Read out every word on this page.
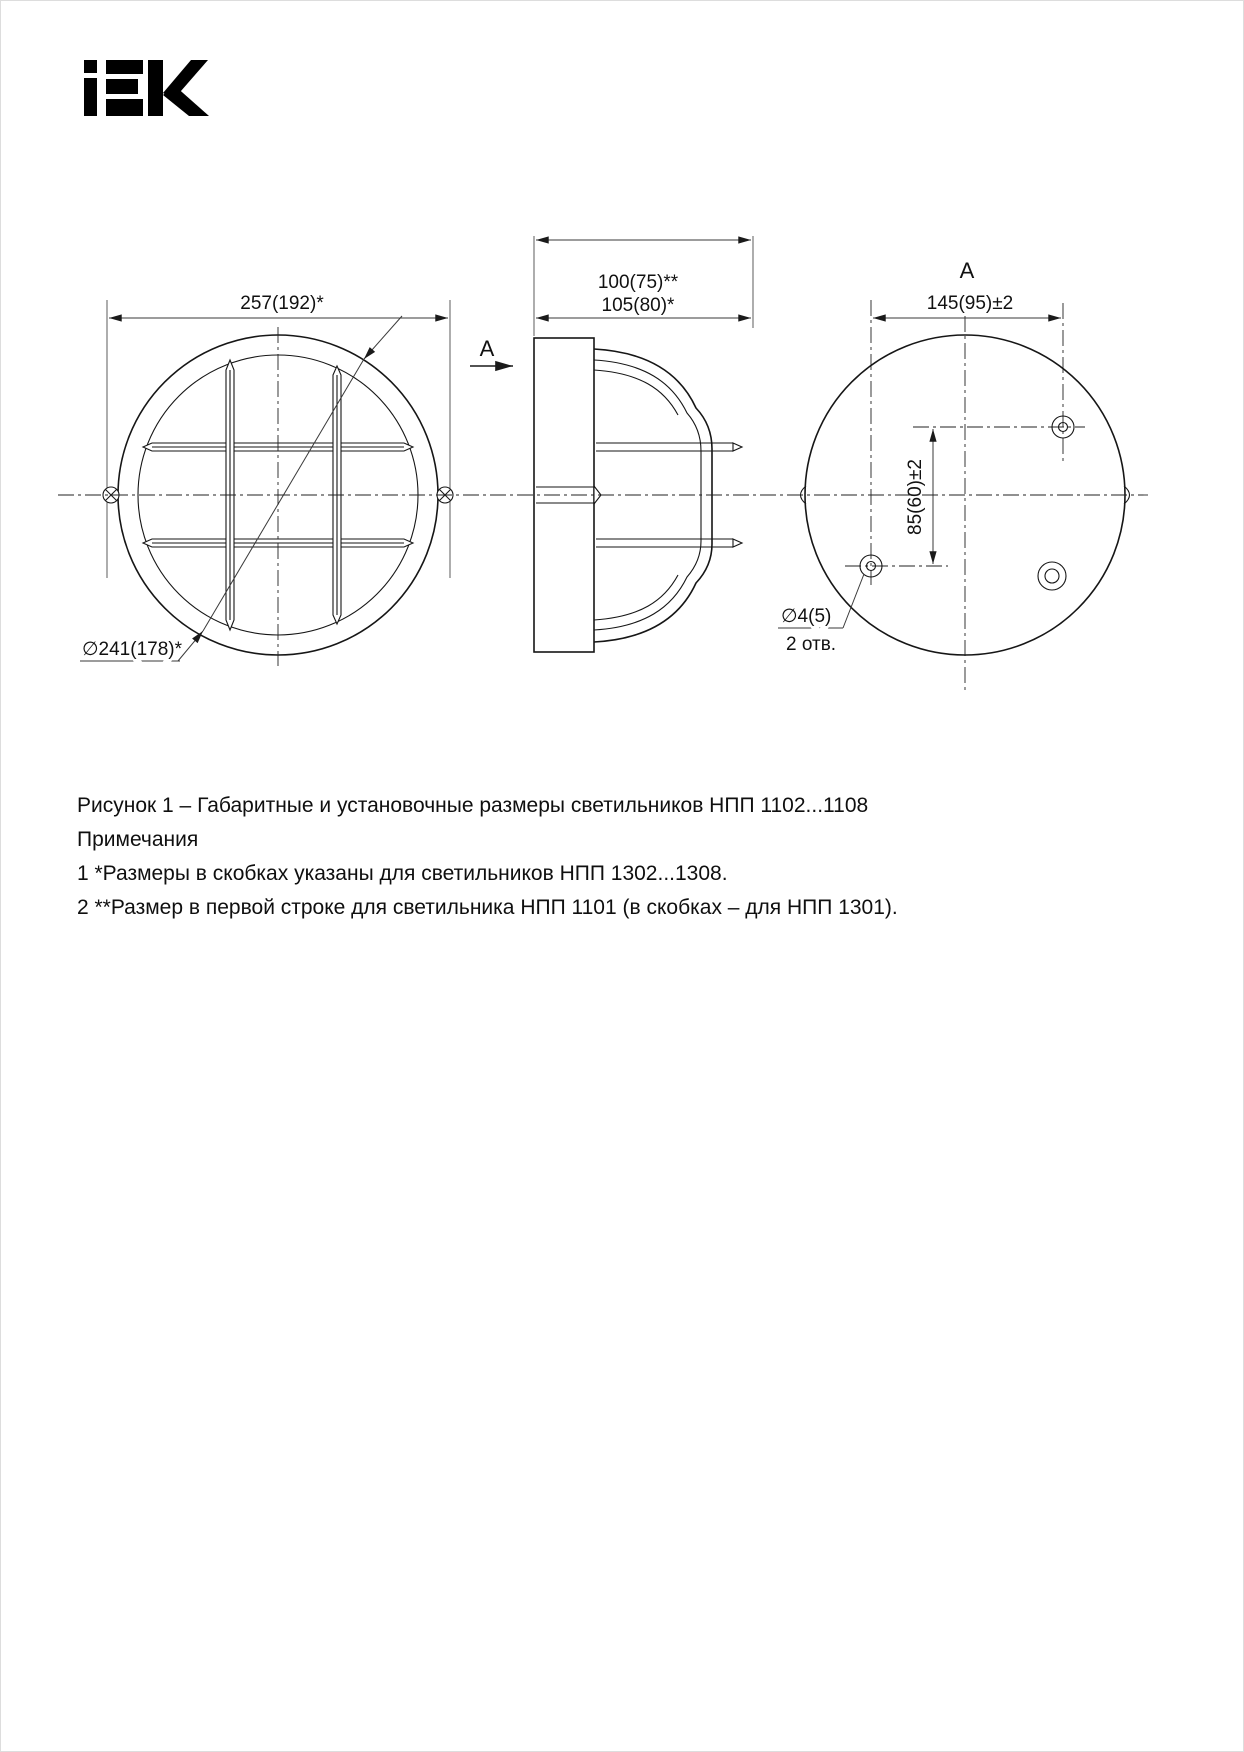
257(192)*
∅241(178)*
100(75)**
105(80)*
A
A
145(95)±2
85(60)±2
∅4(5)
2 отв.

Рисунок 1 – Габаритные и установочные размеры светильников НПП 1102...1108

Примечания

1 *Размеры в скобках указаны для светильников НПП 1302...1308.

2 **Размер в первой строке для светильника НПП 1101 (в скобках – для НПП 1301).
